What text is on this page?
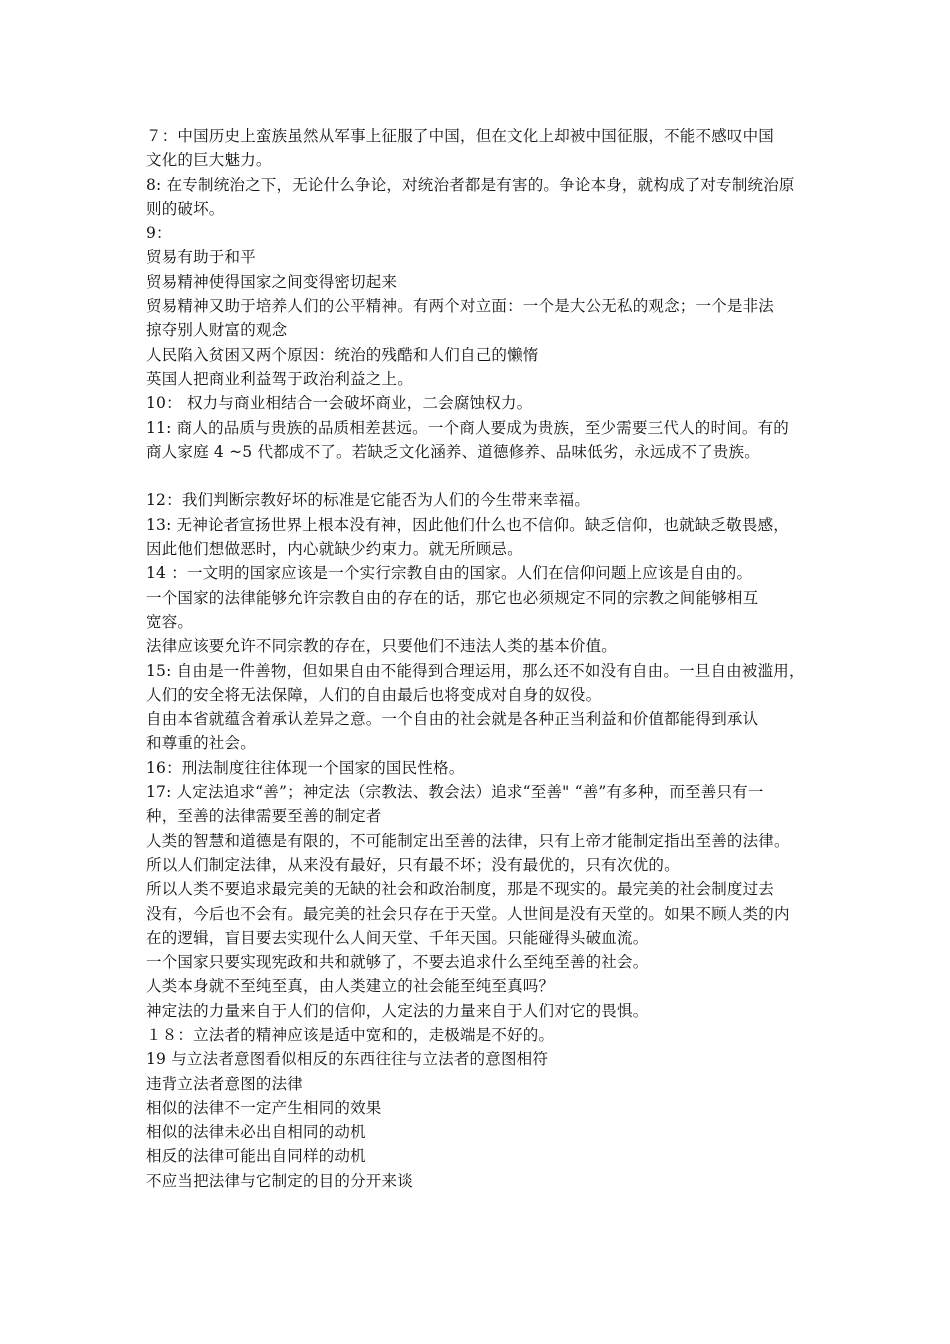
７：中国历史上蛮族虽然从军事上征服了中国，但在文化上却被中国征服，不能不感叹中国
文化的巨大魅力。
8: 在专制统治之下，无论什么争论，对统治者都是有害的。争论本身，就构成了对专制统治原
则的破坏。
9：
贸易有助于和平
贸易精神使得国家之间变得密切起来
贸易精神又助于培养人们的公平精神。有两个对立面：一个是大公无私的观念；一个是非法
掠夺别人财富的观念
人民陷入贫困又两个原因：统治的残酷和人们自己的懒惰
英国人把商业利益驾于政治利益之上。
10： 权力与商业相结合一会破坏商业，二会腐蚀权力。
11: 商人的品质与贵族的品质相差甚远。一个商人要成为贵族，至少需要三代人的时间。有的
商人家庭 4 ~5 代都成不了。若缺乏文化涵养、道德修养、品味低劣，永远成不了贵族。
12：我们判断宗教好坏的标准是它能否为人们的今生带来幸福。
13: 无神论者宣扬世界上根本没有神，因此他们什么也不信仰。缺乏信仰，也就缺乏敬畏感，
因此他们想做恶时，内心就缺少约束力。就无所顾忌。
14 ：一文明的国家应该是一个实行宗教自由的国家。人们在信仰问题上应该是自由的。
一个国家的法律能够允许宗教自由的存在的话，那它也必须规定不同的宗教之间能够相互
宽容。
法律应该要允许不同宗教的存在，只要他们不违法人类的基本价值。
15: 自由是一件善物，但如果自由不能得到合理运用，那么还不如没有自由。一旦自由被滥用，
人们的安全将无法保障，人们的自由最后也将变成对自身的奴役。
自由本省就蕴含着承认差异之意。一个自由的社会就是各种正当利益和价值都能得到承认
和尊重的社会。
16：刑法制度往往体现一个国家的国民性格。
17: 人定法追求“善”；神定法（宗教法、教会法）追求“至善" “善”有多种，而至善只有一
种，至善的法律需要至善的制定者
人类的智慧和道德是有限的，不可能制定出至善的法律，只有上帝才能制定指出至善的法律。
所以人们制定法律，从来没有最好，只有最不坏；没有最优的，只有次优的。
所以人类不要追求最完美的无缺的社会和政治制度，那是不现实的。最完美的社会制度过去
没有，今后也不会有。最完美的社会只存在于天堂。人世间是没有天堂的。如果不顾人类的内
在的逻辑，盲目要去实现什么人间天堂、千年天国。只能碰得头破血流。
一个国家只要实现宪政和共和就够了，不要去追求什么至纯至善的社会。
人类本身就不至纯至真，由人类建立的社会能至纯至真吗？
神定法的力量来自于人们的信仰，人定法的力量来自于人们对它的畏惧。
１８：立法者的精神应该是适中宽和的，走极端是不好的。
19 与立法者意图看似相反的东西往往与立法者的意图相符
违背立法者意图的法律
相似的法律不一定产生相同的效果
相似的法律未必出自相同的动机
相反的法律可能出自同样的动机
不应当把法律与它制定的目的分开来谈
